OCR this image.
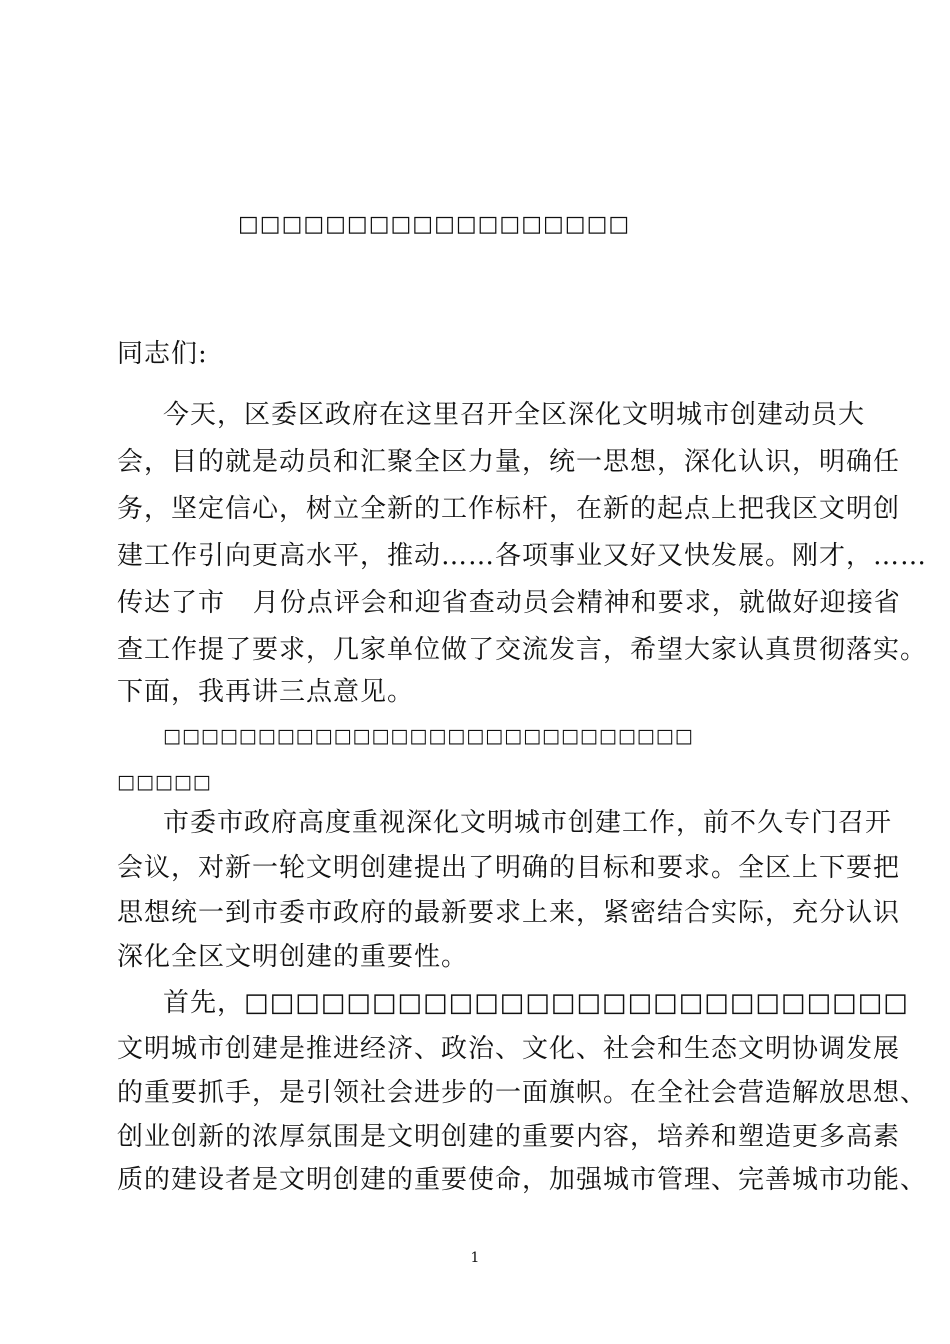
□□□□□□□□□□□□□□□□□□
同志们:
今天，区委区政府在这里召开全区深化文明城市创建动员大
会，目的就是动员和汇聚全区力量，统一思想，深化认识，明确任
务，坚定信心，树立全新的工作标杆，在新的起点上把我区文明创
建工作引向更高水平，推动……各项事业又好又快发展。刚才，……
传达了市   月份点评会和迎省查动员会精神和要求，就做好迎接省
查工作提了要求，几家单位做了交流发言，希望大家认真贯彻落实。
下面，我再讲三点意见。
□□□□□□□□□□□□□□□□□□□□□□□□□□□□
□□□□□
市委市政府高度重视深化文明城市创建工作，前不久专门召开
会议，对新一轮文明创建提出了明确的目标和要求。全区上下要把
思想统一到市委市政府的最新要求上来，紧密结合实际，充分认识
深化全区文明创建的重要性。
首先，□□□□□□□□□□□□□□□□□□□□□□□□□□
文明城市创建是推进经济、政治、文化、社会和生态文明协调发展
的重要抓手，是引领社会进步的一面旗帜。在全社会营造解放思想、
创业创新的浓厚氛围是文明创建的重要内容，培养和塑造更多高素
质的建设者是文明创建的重要使命，加强城市管理、完善城市功能、
1
